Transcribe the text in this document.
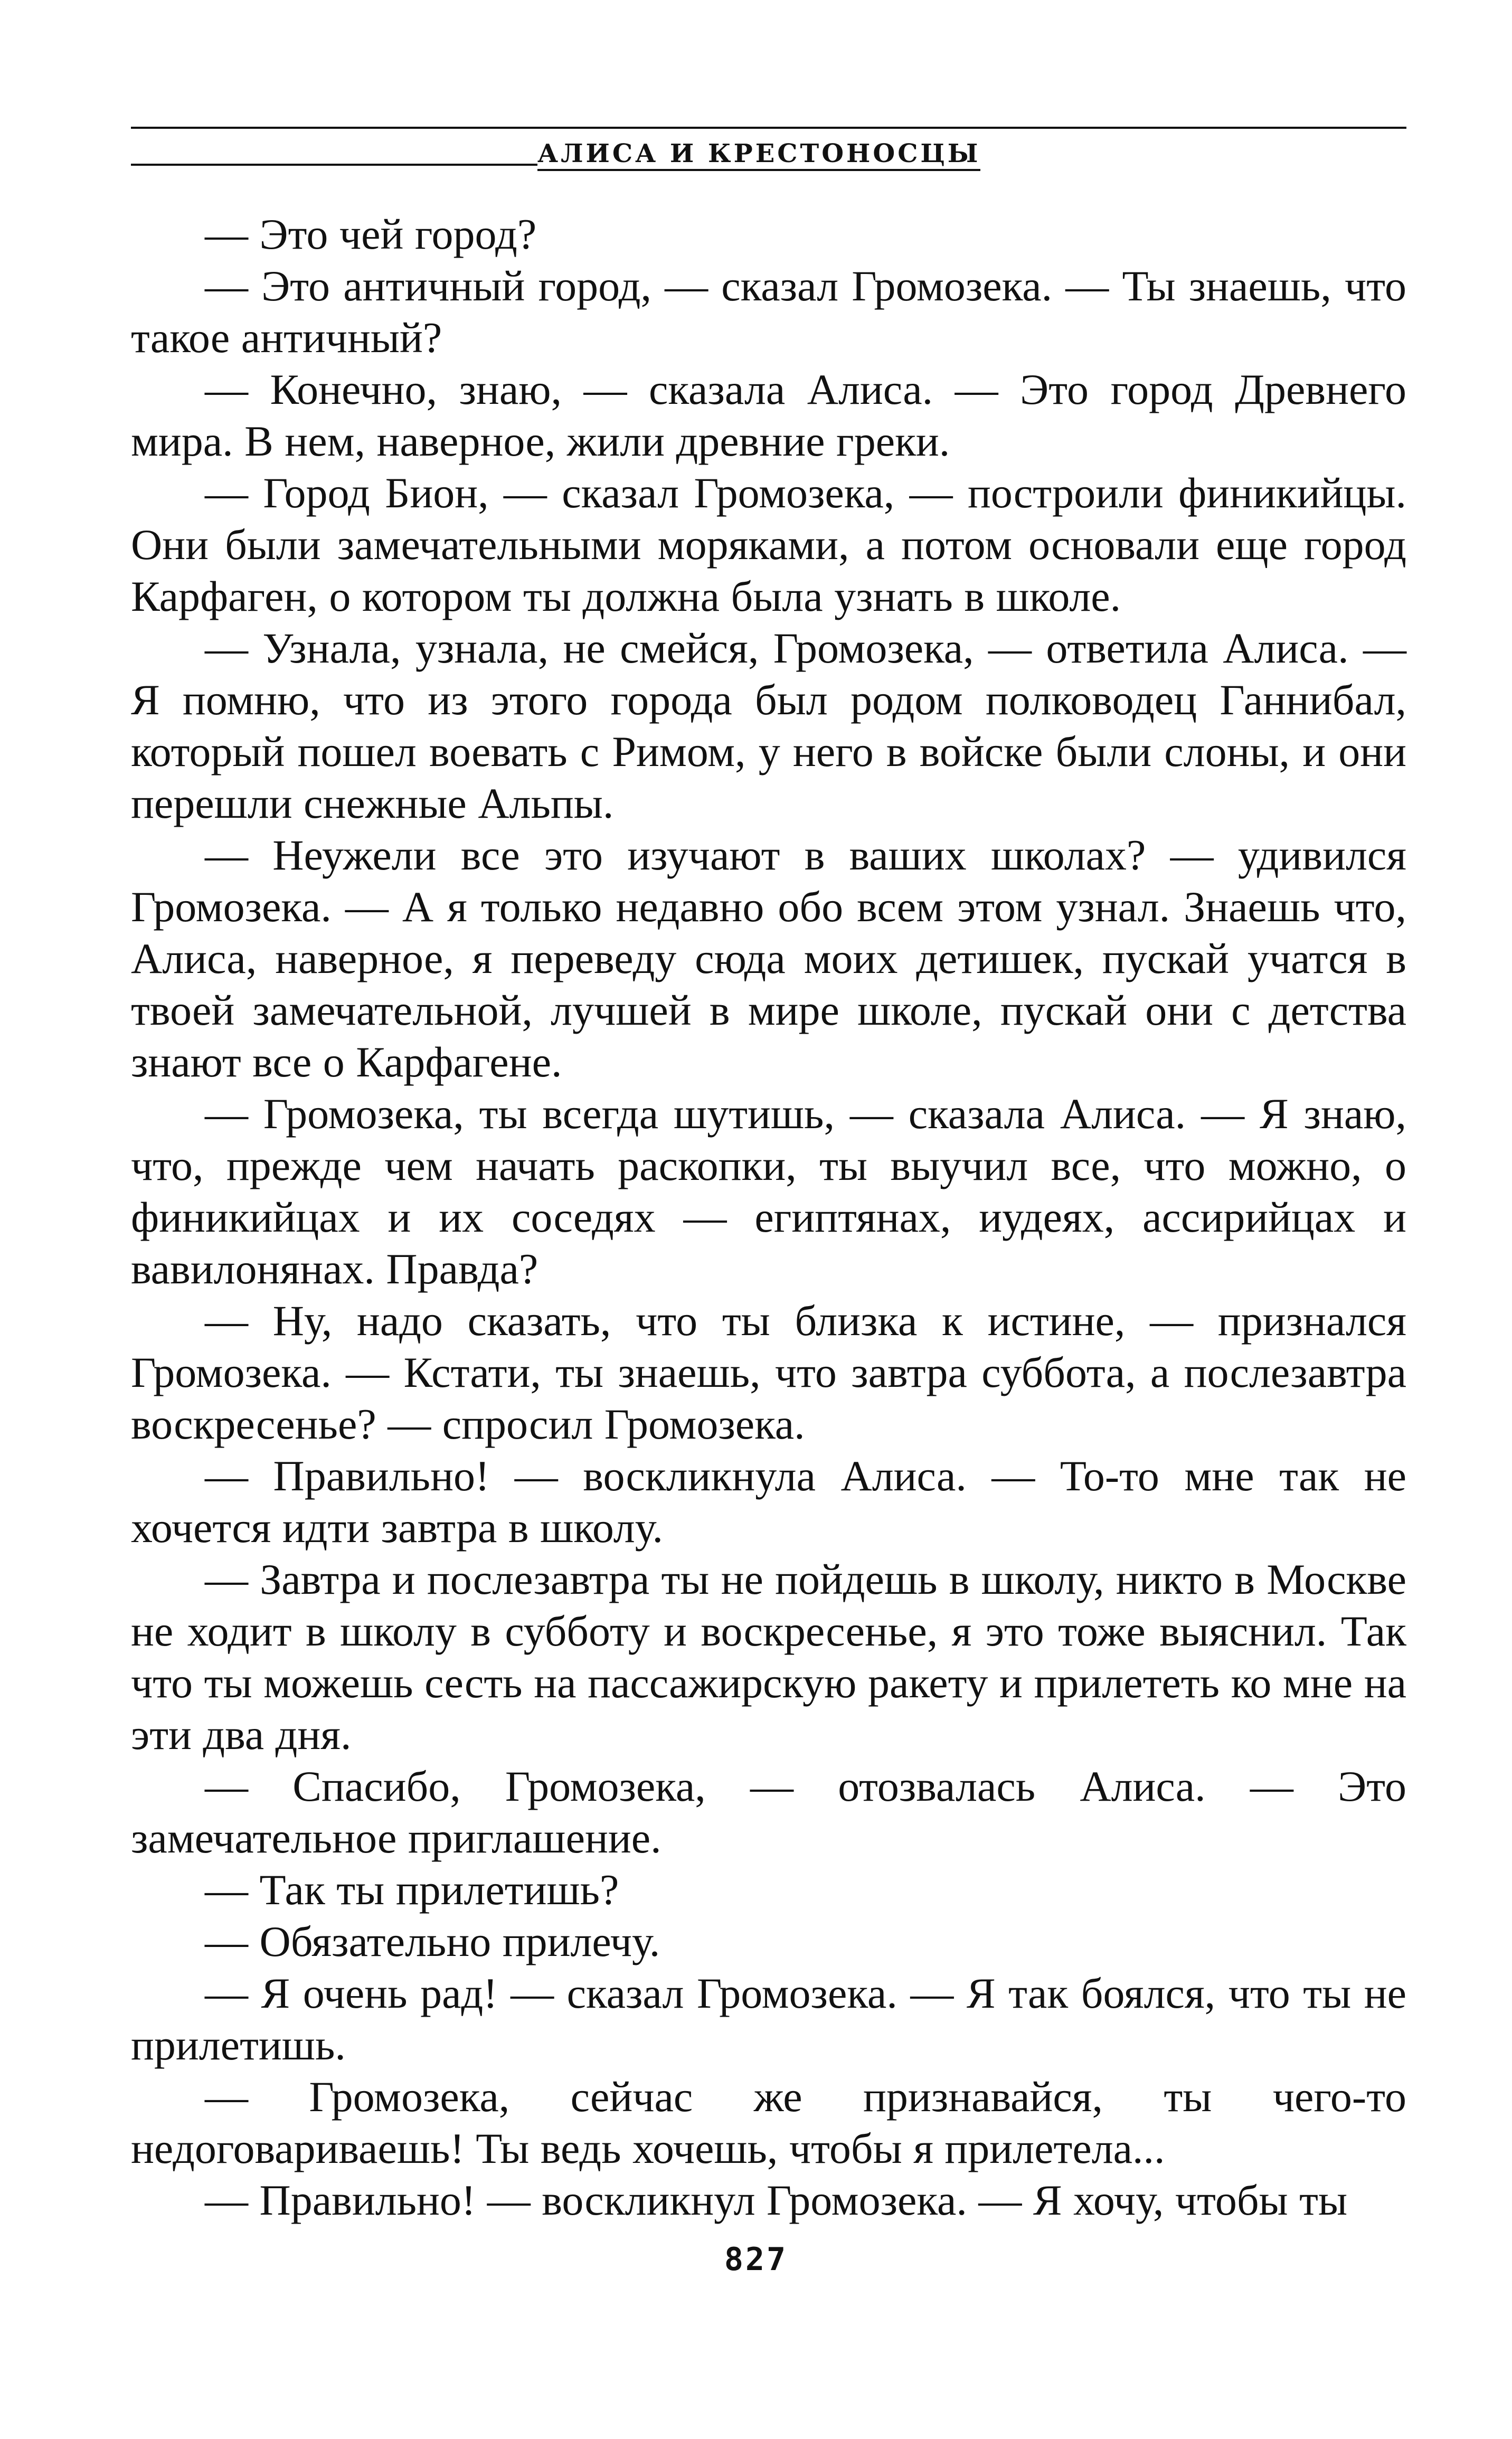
АЛИСА И КРЕСТОНОСЦЫ

— Это чей город?

— Это античный город, — сказал Громозека. — Ты знаешь, что такое античный?

— Конечно, знаю, — сказала Алиса. — Это город Древнего мира. В нем, наверное, жили древние греки.

— Город Бион, — сказал Громозека, — построили финикийцы. Они были замечательными моряками, а потом основали еще город Карфаген, о котором ты должна была узнать в школе.

— Узнала, узнала, не смейся, Громозека, — ответила Алиса. — Я помню, что из этого города был родом полководец Ганнибал, который пошел воевать с Римом, у него в войске были слоны, и они перешли снежные Альпы.

— Неужели все это изучают в ваших школах? — удивился Громозека. — А я только недавно обо всем этом узнал. Знаешь что, Алиса, наверное, я переведу сюда моих детишек, пускай учатся в твоей замечательной, лучшей в мире школе, пускай они с детства знают все о Карфагене.

— Громозека, ты всегда шутишь, — сказала Алиса. — Я знаю, что, прежде чем начать раскопки, ты выучил все, что можно, о финикийцах и их соседях — египтянах, иудеях, ассирийцах и вавилонянах. Правда?

— Ну, надо сказать, что ты близка к истине, — признался Громозека. — Кстати, ты знаешь, что завтра суббота, а послезавтра воскресенье? — спросил Громозека.

— Правильно! — воскликнула Алиса. — То-то мне так не хочется идти завтра в школу.

— Завтра и послезавтра ты не пойдешь в школу, никто в Москве не ходит в школу в субботу и воскресенье, я это тоже выяснил. Так что ты можешь сесть на пассажирскую ракету и прилететь ко мне на эти два дня.

— Спасибо, Громозека, — отозвалась Алиса. — Это замечательное приглашение.

— Так ты прилетишь?

— Обязательно прилечу.

— Я очень рад! — сказал Громозека. — Я так боялся, что ты не прилетишь.

— Громозека, сейчас же признавайся, ты чего-то недоговариваешь! Ты ведь хочешь, чтобы я прилетела...

— Правильно! — воскликнул Громозека. — Я хочу, чтобы ты

827
